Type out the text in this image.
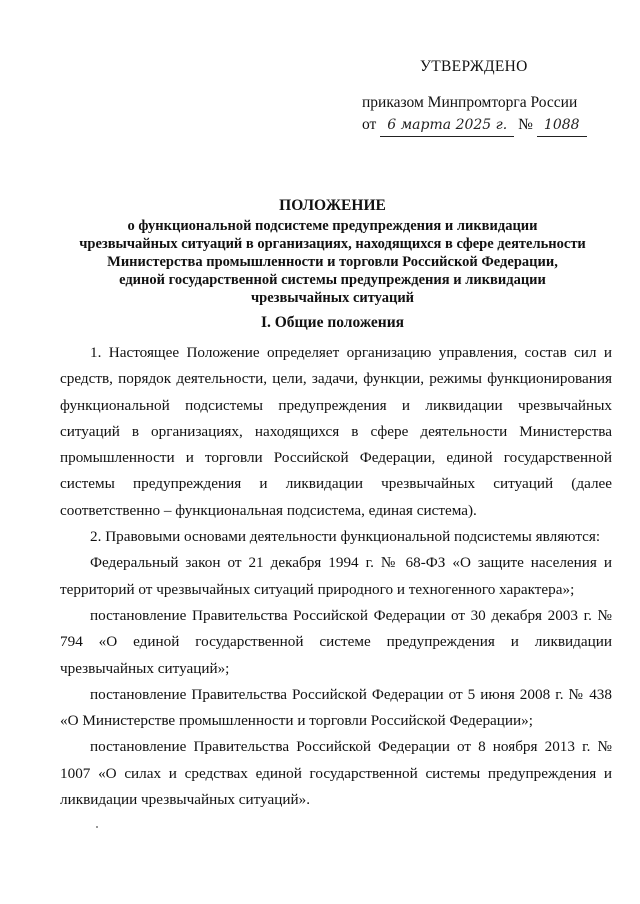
УТВЕРЖДЕНО
приказом Минпромторга России
от 6 марта 2025 г. № 1088
ПОЛОЖЕНИЕ
о функциональной подсистеме предупреждения и ликвидации
чрезвычайных ситуаций в организациях, находящихся в сфере деятельности
Министерства промышленности и торговли Российской Федерации,
единой государственной системы предупреждения и ликвидации
чрезвычайных ситуаций
I. Общие положения

1. Настоящее Положение определяет организацию управления, состав сил и средств, порядок деятельности, цели, задачи, функции, режимы функционирования функциональной подсистемы предупреждения и ликвидации чрезвычайных ситуаций в организациях, находящихся в сфере деятельности Министерства промышленности и торговли Российской Федерации, единой государственной системы предупреждения и ликвидации чрезвычайных ситуаций (далее соответственно – функциональная подсистема, единая система).

2. Правовыми основами деятельности функциональной подсистемы являются:

Федеральный закон от 21 декабря 1994 г. № 68-ФЗ «О защите населения и территорий от чрезвычайных ситуаций природного и техногенного характера»;

постановление Правительства Российской Федерации от 30 декабря 2003 г. № 794 «О единой государственной системе предупреждения и ликвидации чрезвычайных ситуаций»;

постановление Правительства Российской Федерации от 5 июня 2008 г. № 438 «О Министерстве промышленности и торговли Российской Федерации»;

постановление Правительства Российской Федерации от 8 ноября 2013 г. № 1007 «О силах и средствах единой государственной системы предупреждения и ликвидации чрезвычайных ситуаций».
